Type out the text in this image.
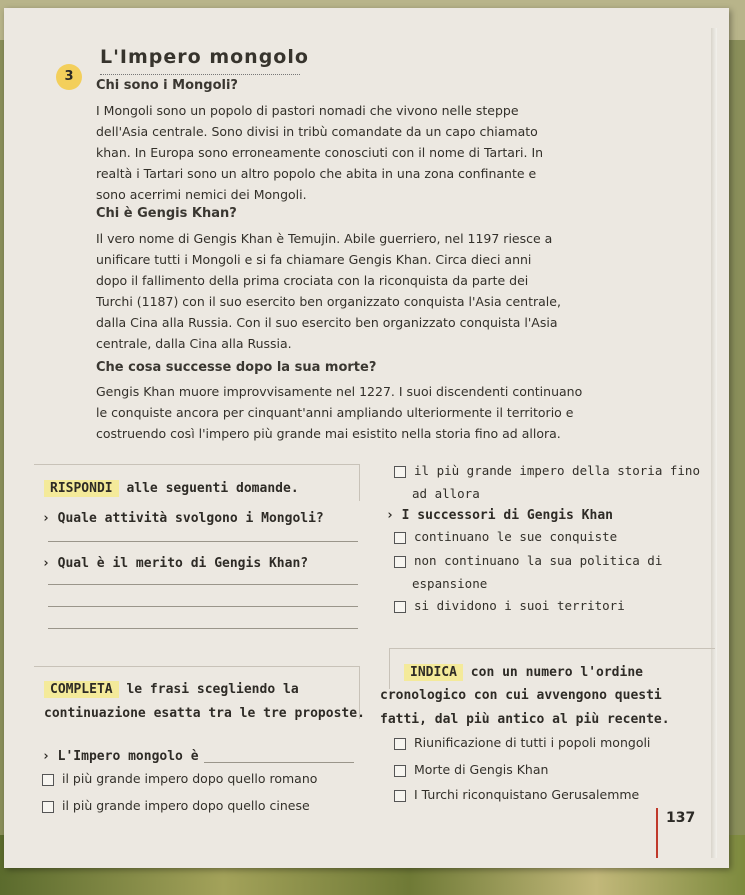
3
L'Impero mongolo
Chi sono i Mongoli?
I Mongoli sono un popolo di pastori nomadi che vivono nelle steppe
dell'Asia centrale. Sono divisi in tribù comandate da un capo chiamato
khan. In Europa sono erroneamente conosciuti con il nome di Tartari. In
realtà i Tartari sono un altro popolo che abita in una zona confinante e
sono acerrimi nemici dei Mongoli.
Chi è Gengis Khan?
Il vero nome di Gengis Khan è Temujin. Abile guerriero, nel 1197 riesce a
unificare tutti i Mongoli e si fa chiamare Gengis Khan. Circa dieci anni
dopo il fallimento della prima crociata con la riconquista da parte dei
Turchi (1187) con il suo esercito ben organizzato conquista l'Asia centrale,
dalla Cina alla Russia. Con il suo esercito ben organizzato conquista l'Asia
centrale, dalla Cina alla Russia.
Che cosa successe dopo la sua morte?
Gengis Khan muore improvvisamente nel 1227. I suoi discendenti continuano
le conquiste ancora per cinquant'anni ampliando ulteriormente il territorio e
costruendo così l'impero più grande mai esistito nella storia fino ad allora.
RISPONDI alle seguenti domande.
› Quale attività svolgono i Mongoli?
› Qual è il merito di Gengis Khan?
il più grande impero della storia fino
ad allora
› I successori di Gengis Khan
continuano le sue conquiste
non continuano la sua politica di
espansione
si dividono i suoi territori
COMPLETA le frasi scegliendo la
continuazione esatta tra le tre proposte.
› L'Impero mongolo è
il più grande impero dopo quello romano
il più grande impero dopo quello cinese
INDICA con un numero l'ordine
cronologico con cui avvengono questi
fatti, dal più antico al più recente.
Riunificazione di tutti i popoli mongoli
Morte di Gengis Khan
I Turchi riconquistano Gerusalemme
137
